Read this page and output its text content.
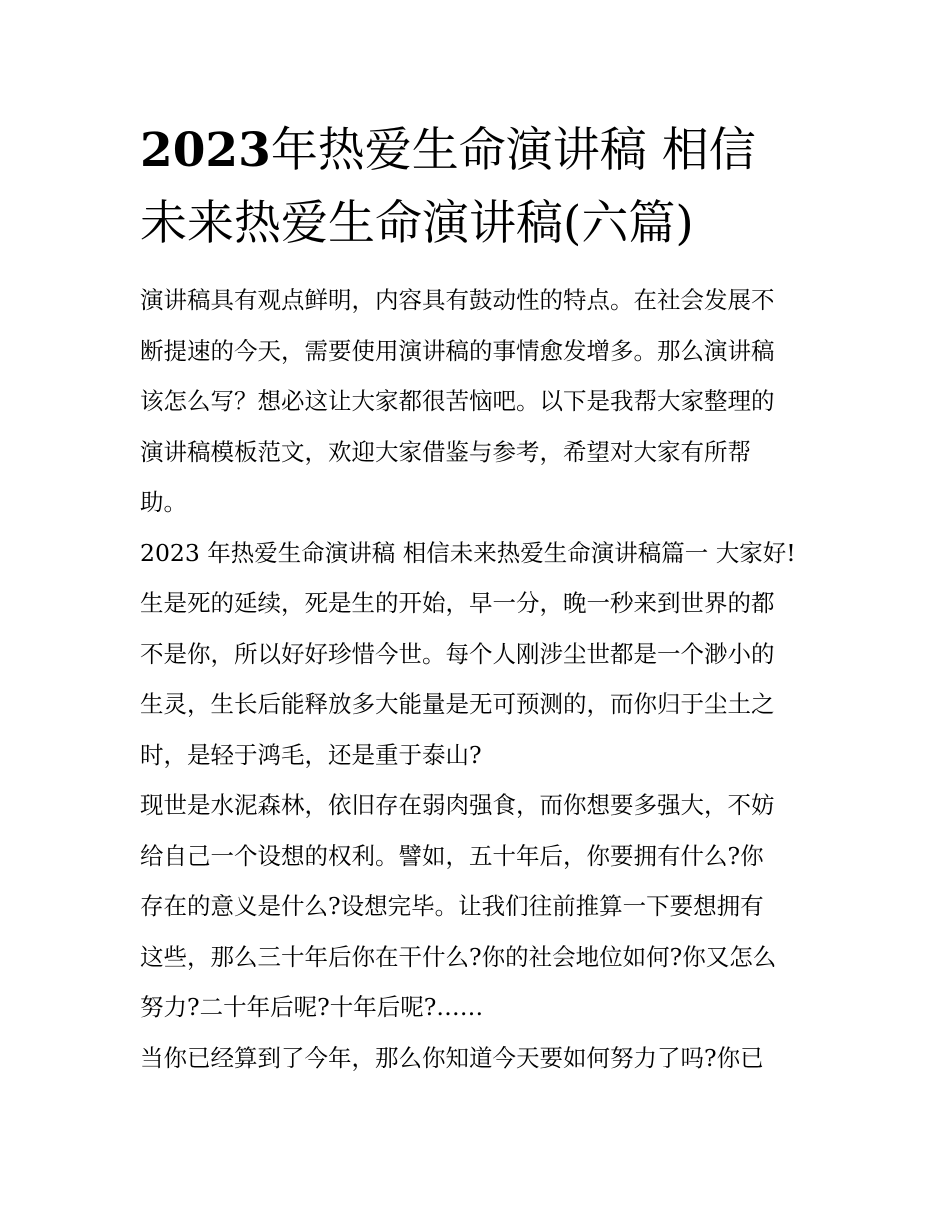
2023年热爱生命演讲稿 相信
未来热爱生命演讲稿(六篇)
演讲稿具有观点鲜明，内容具有鼓动性的特点。在社会发展不
断提速的今天，需要使用演讲稿的事情愈发增多。那么演讲稿
该怎么写？想必这让大家都很苦恼吧。以下是我帮大家整理的
演讲稿模板范文，欢迎大家借鉴与参考，希望对大家有所帮
助。
2023 年热爱生命演讲稿 相信未来热爱生命演讲稿篇一 大家好!
生是死的延续，死是生的开始，早一分，晚一秒来到世界的都
不是你，所以好好珍惜今世。每个人刚涉尘世都是一个渺小的
生灵，生长后能释放多大能量是无可预测的，而你归于尘土之
时，是轻于鸿毛，还是重于泰山?
现世是水泥森林，依旧存在弱肉强食，而你想要多强大，不妨
给自己一个设想的权利。譬如，五十年后，你要拥有什么?你
存在的意义是什么?设想完毕。让我们往前推算一下要想拥有
这些，那么三十年后你在干什么?你的社会地位如何?你又怎么
努力?二十年后呢?十年后呢?……
当你已经算到了今年，那么你知道今天要如何努力了吗?你已
